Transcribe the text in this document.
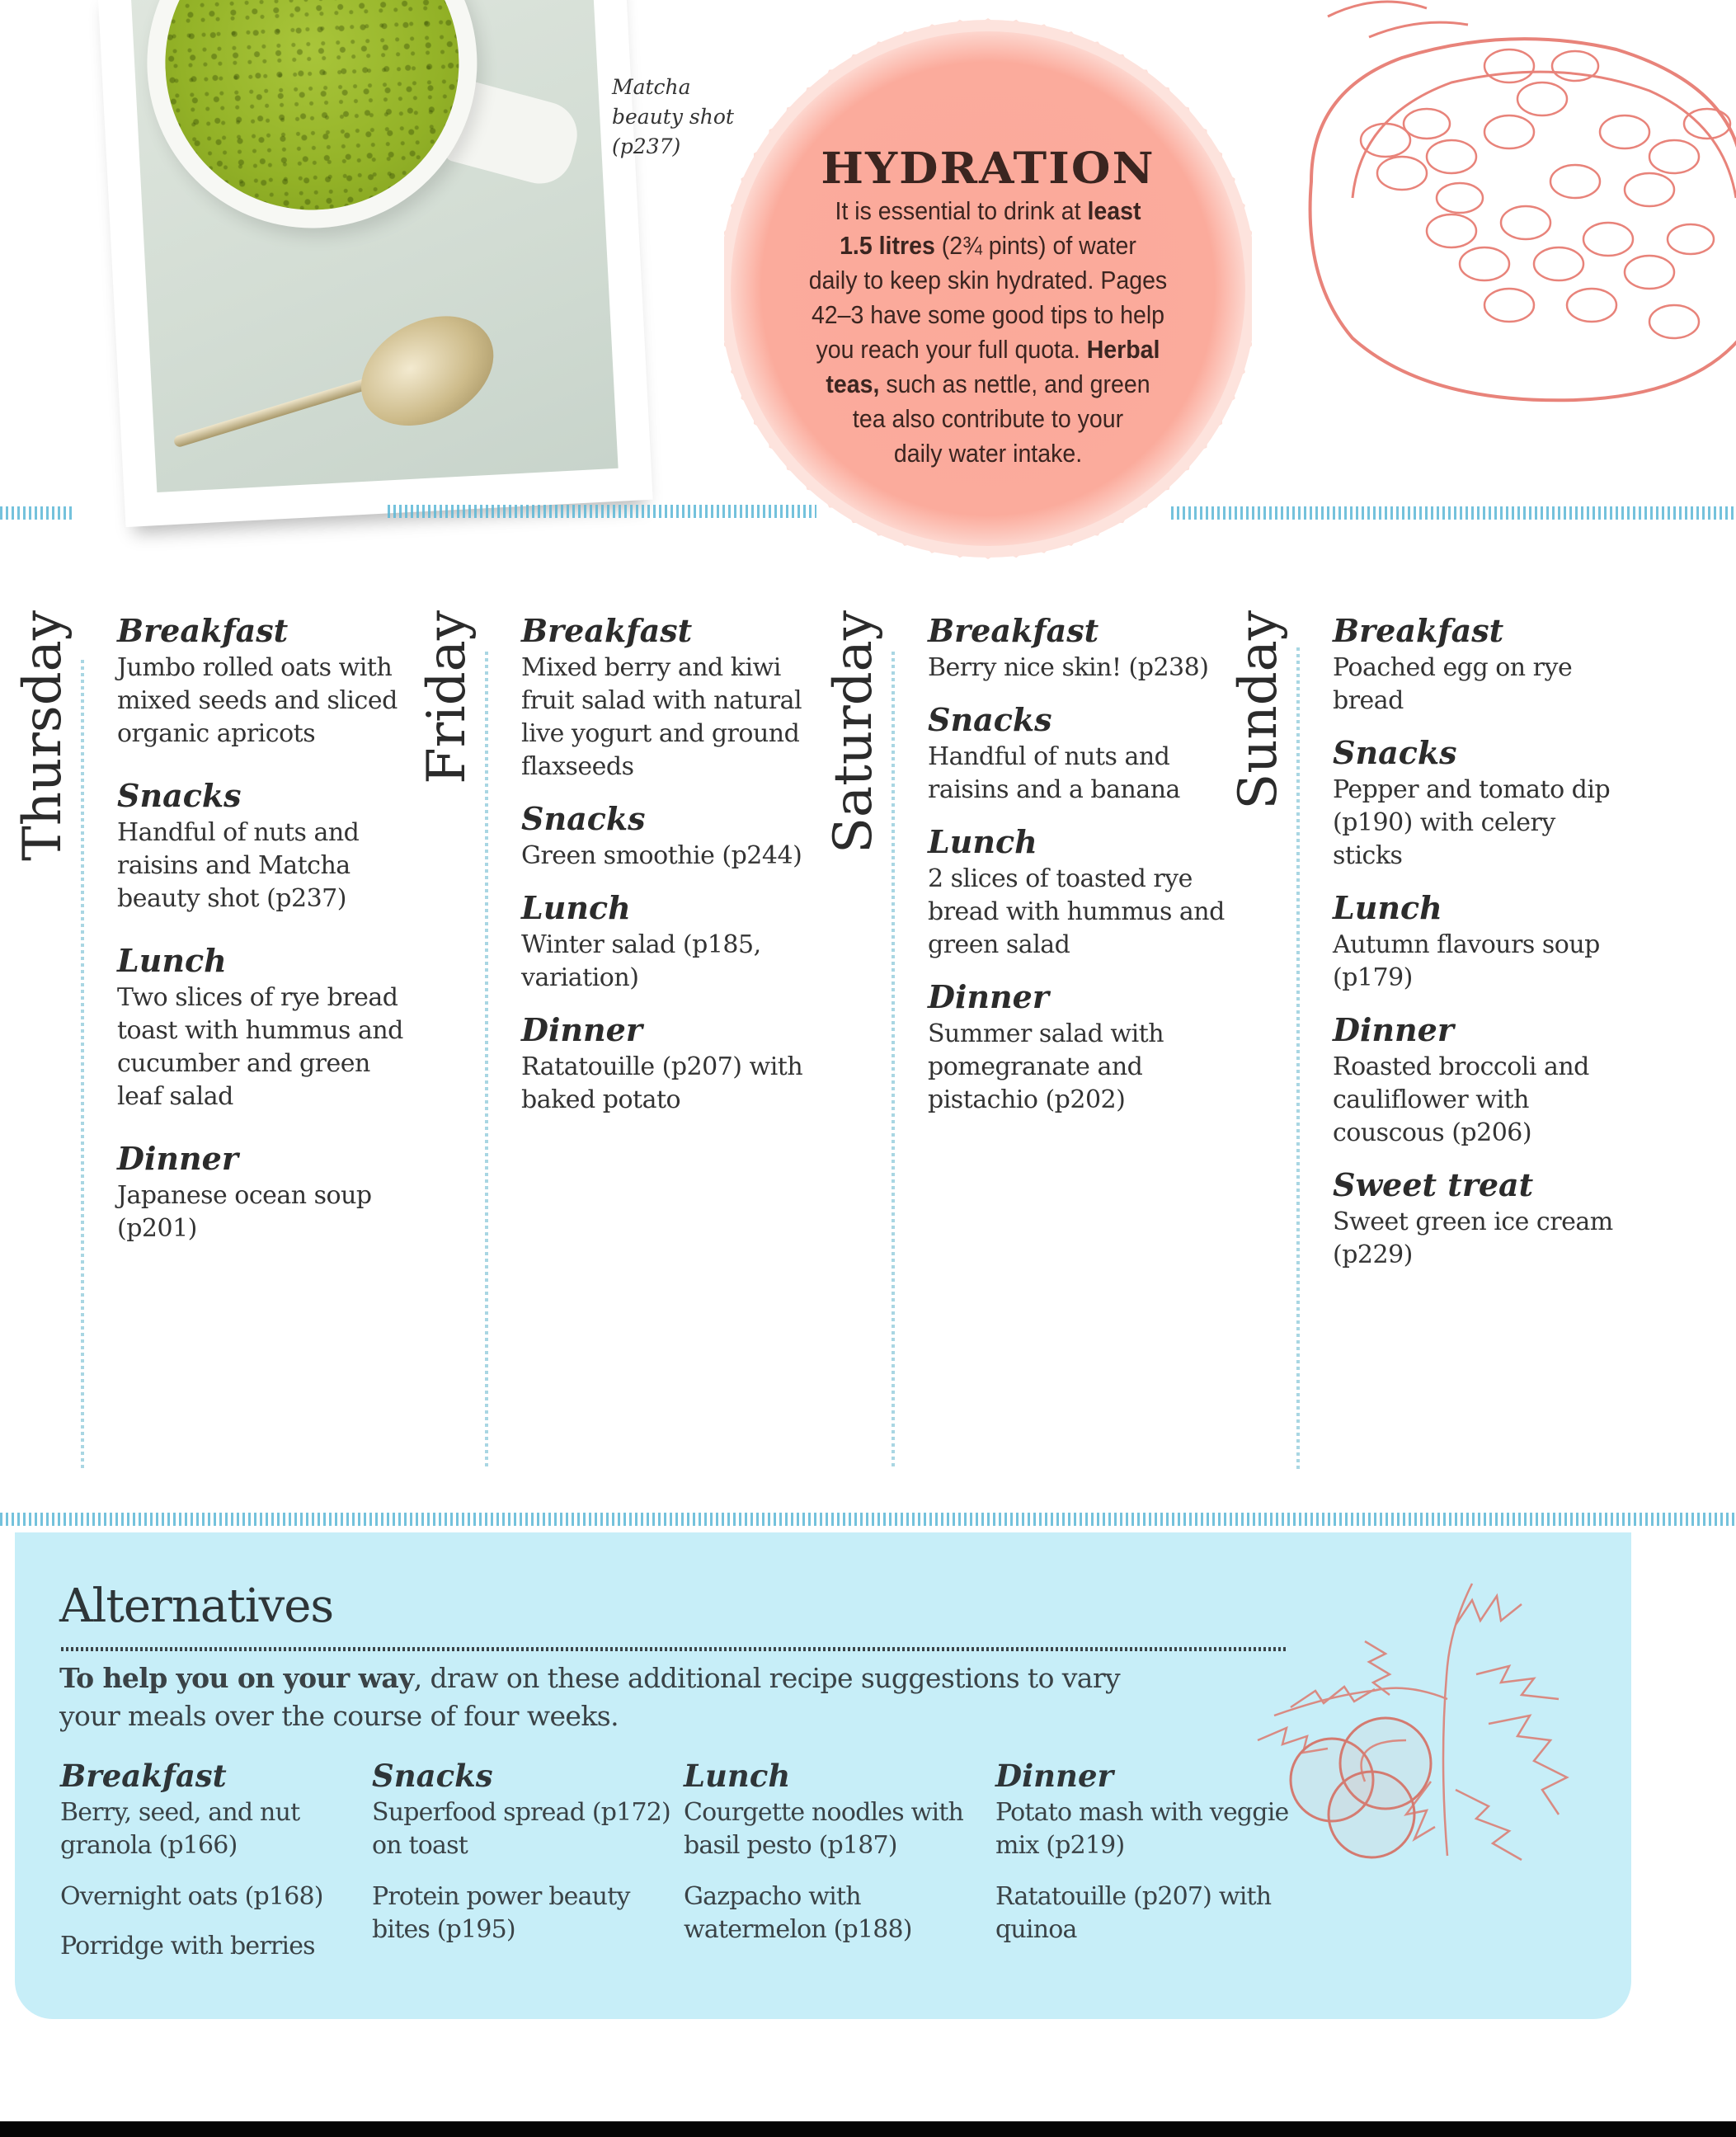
Matcha
beauty shot
(p237)	HYDRATION
It is essential to drink at least
1.5 litres (2¾ pints) of water
daily to keep skin hydrated. Pages
42–3 have some good tips to help
you reach your full quota. Herbal
teas, such as nettle, and green
tea also contribute to your
daily water intake.
Thursday Breakfast
Jumbo rolled oats with mixed seeds and sliced organic apricots
Snacks
Handful of nuts and raisins and Matcha beauty shot (p237)
Lunch
Two slices of rye bread toast with hummus and cucumber and green leaf salad
Dinner
Japanese ocean soup (p201)
Friday Breakfast
Mixed berry and kiwi fruit salad with natural live yogurt and ground flaxseeds
Snacks
Green smoothie (p244)
Lunch
Winter salad (p185, variation)
Dinner
Ratatouille (p207) with baked potato
Saturday Breakfast
Berry nice skin! (p238)
Snacks
Handful of nuts and raisins and a banana
Lunch
2 slices of toasted rye bread with hummus and green salad
Dinner
Summer salad with pomegranate and pistachio (p202)
Sunday Breakfast
Poached egg on rye bread
Snacks
Pepper and tomato dip (p190) with celery sticks
Lunch
Autumn flavours soup (p179)
Dinner
Roasted broccoli and cauliflower with couscous (p206)
Sweet treat
Sweet green ice cream (p229)
Alternatives
To help you on your way, draw on these additional recipe suggestions to vary your meals over the course of four weeks.
Breakfast
Berry, seed, and nut granola (p166)
Overnight oats (p168)
Porridge with berries
Snacks
Superfood spread (p172) on toast
Protein power beauty bites (p195)
Lunch
Courgette noodles with basil pesto (p187)
Gazpacho with watermelon (p188)
Dinner
Potato mash with veggie mix (p219)
Ratatouille (p207) with quinoa
